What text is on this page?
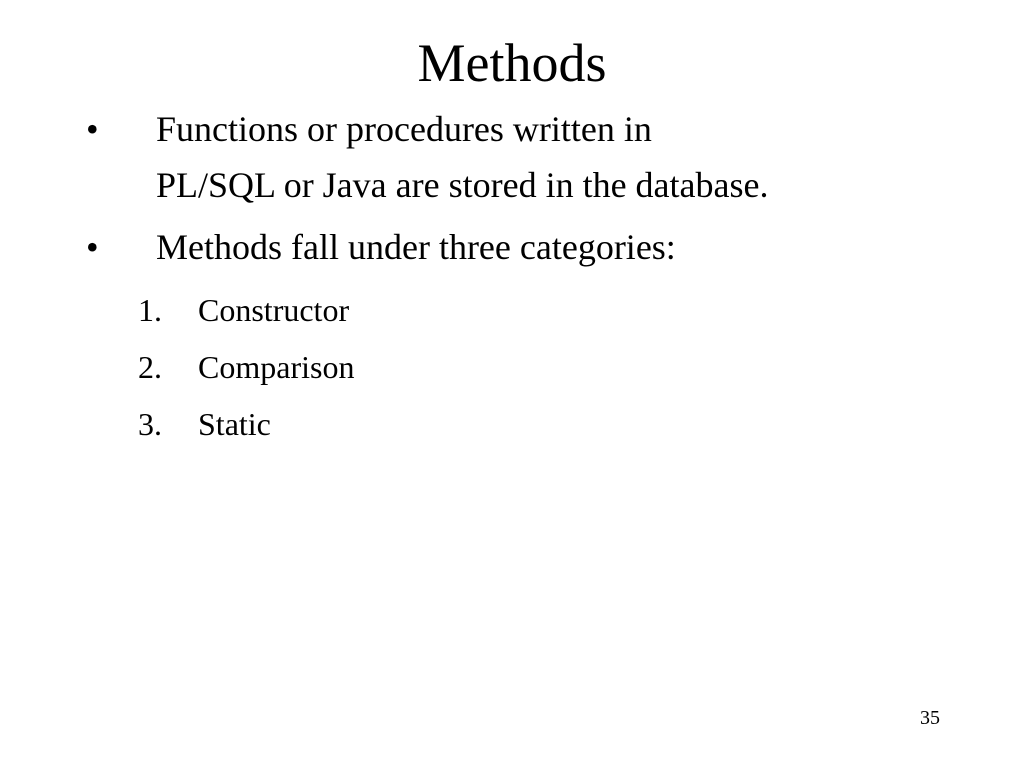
Methods
•	Functions or procedures written in
PL/SQL or Java are stored in the database.
•	Methods fall under three categories:
1. Constructor
2. Comparison
3. Static
35
